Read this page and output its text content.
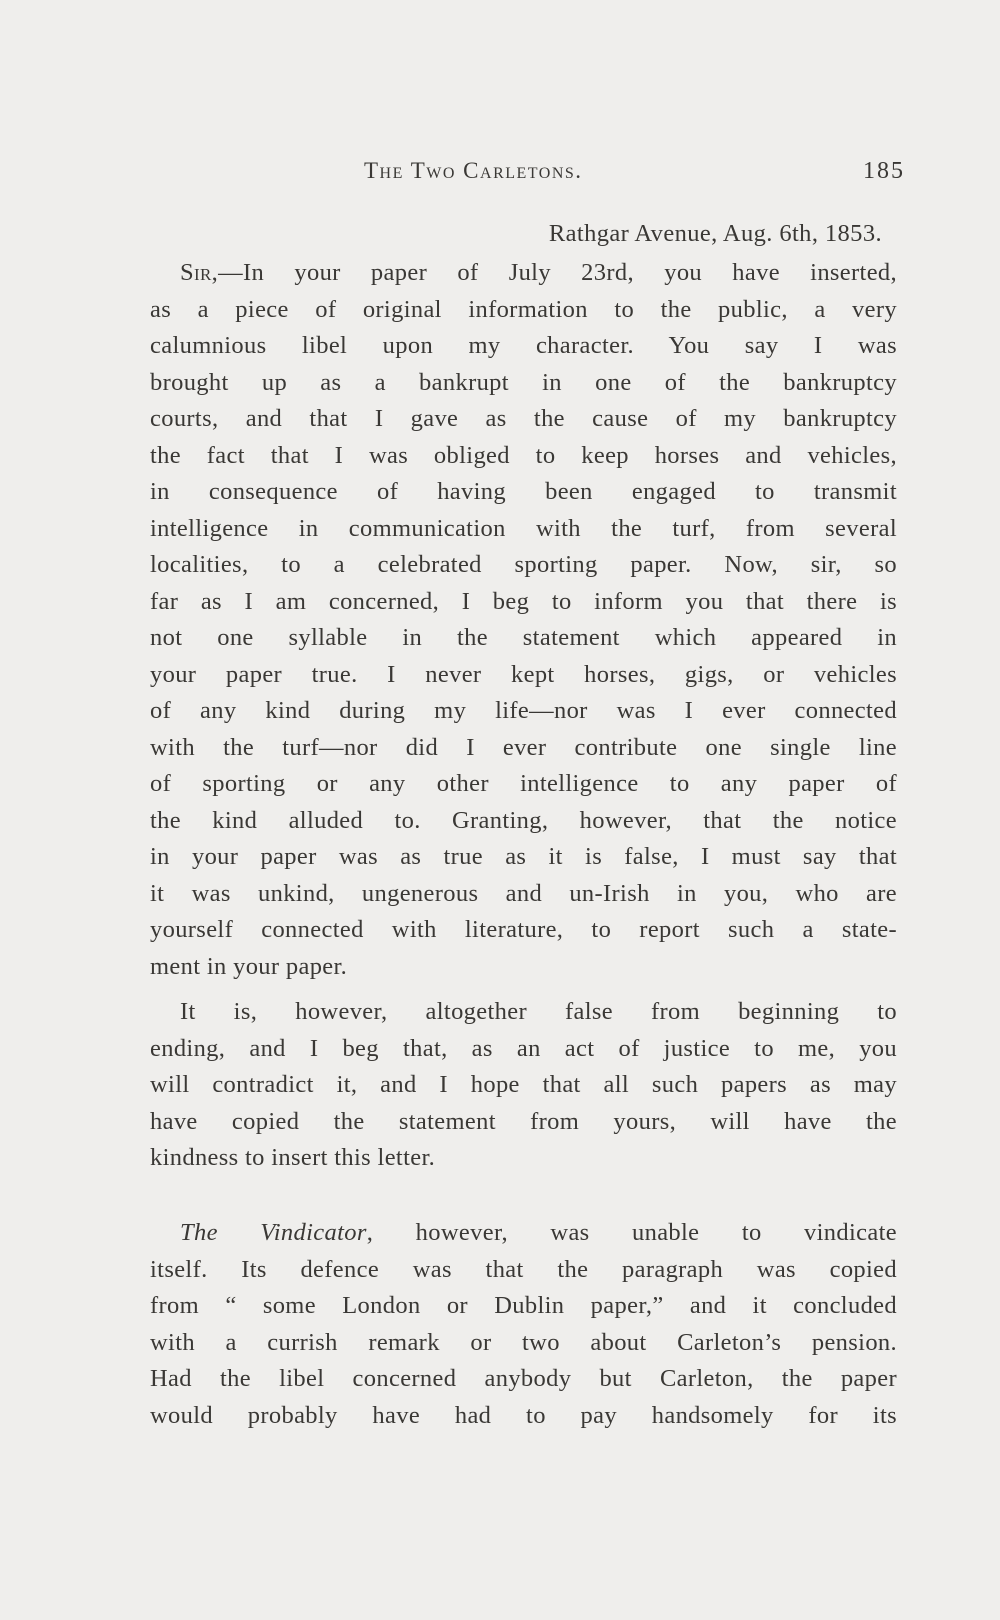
The Two Carletons.	185
Rathgar Avenue, Aug. 6th, 1853.
Sir,—In your paper of July 23rd, you have inserted,
as a piece of original information to the public, a very
calumnious libel upon my character. You say I was
brought up as a bankrupt in one of the bankruptcy
courts, and that I gave as the cause of my bankruptcy
the fact that I was obliged to keep horses and vehicles,
in consequence of having been engaged to transmit
intelligence in communication with the turf, from several
localities, to a celebrated sporting paper. Now, sir, so
far as I am concerned, I beg to inform you that there is
not one syllable in the statement which appeared in
your paper true. I never kept horses, gigs, or vehicles
of any kind during my life—nor was I ever connected
with the turf—nor did I ever contribute one single line
of sporting or any other intelligence to any paper of
the kind alluded to. Granting, however, that the notice
in your paper was as true as it is false, I must say that
it was unkind, ungenerous and un-Irish in you, who are
yourself connected with literature, to report such a state-
ment in your paper.
It is, however, altogether false from beginning to
ending, and I beg that, as an act of justice to me, you
will contradict it, and I hope that all such papers as may
have copied the statement from yours, will have the
kindness to insert this letter.
The Vindicator, however, was unable to vindicate
itself. Its defence was that the paragraph was copied
from “ some London or Dublin paper,” and it concluded
with a currish remark or two about Carleton’s pension.
Had the libel concerned anybody but Carleton, the paper
would probably have had to pay handsomely for its
